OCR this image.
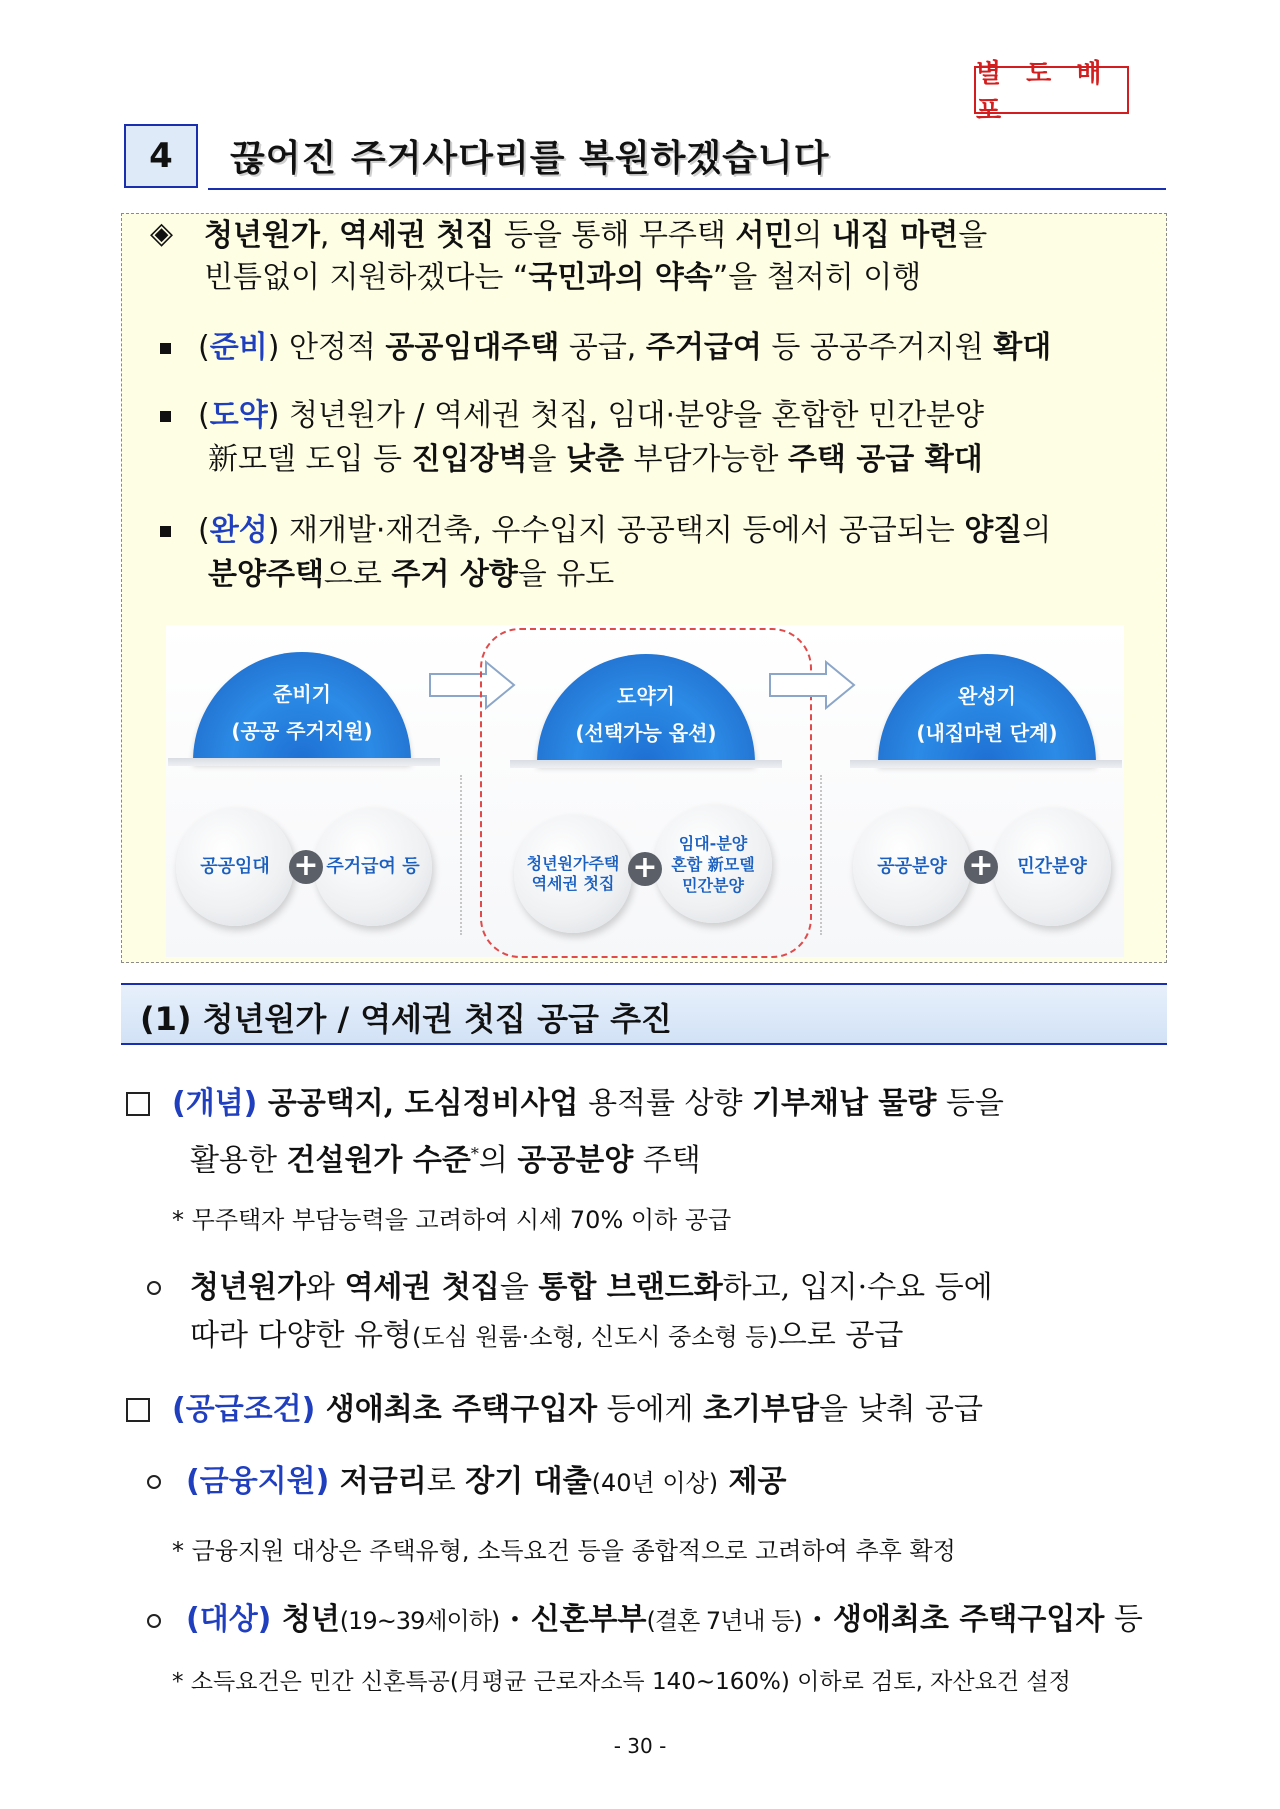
별 도 배 포
4	끊어진 주거사다리를 복원하겠습니다
◈ 청년원가, 역세권 첫집 등을 통해 무주택 서민의 내집 마련을
빈틈없이 지원하겠다는 “국민과의 약속”을 철저히 이행
(준비) 안정적 공공임대주택 공급, 주거급여 등 공공주거지원 확대
(도약) 청년원가 / 역세권 첫집, 임대·분양을 혼합한 민간분양
新모델 도입 등 진입장벽을 낮춘 부담가능한 주택 공급 확대
(완성) 재개발·재건축, 우수입지 공공택지 등에서 공급되는 양질의
분양주택으로 주거 상향을 유도
준비기
(공공 주거지원)
공공임대	주거급여 등
+
도약기
(선택가능 옵션)
청년원가주택
역세권 첫집
임대-분양
혼합 新모델
민간분양
+
완성기
(내집마련 단계)
공공분양	민간분양
+
(1) 청년원가 / 역세권 첫집 공급 추진
(개념) 공공택지, 도심정비사업 용적률 상향 기부채납 물량 등을
활용한 건설원가 수준*의 공공분양 주택
* 무주택자 부담능력을 고려하여 시세 70% 이하 공급
청년원가와 역세권 첫집을 통합 브랜드화하고, 입지·수요 등에
따라 다양한 유형(도심 원룸·소형, 신도시 중소형 등)으로 공급
(공급조건) 생애최초 주택구입자 등에게 초기부담을 낮춰 공급
(금융지원) 저금리로 장기 대출(40년 이상) 제공
* 금융지원 대상은 주택유형, 소득요건 등을 종합적으로 고려하여 추후 확정
(대상) 청년(19~39세이하) · 신혼부부(결혼 7년내 등) · 생애최초 주택구입자 등
* 소득요건은 민간 신혼특공(月평균 근로자소득 140~160%) 이하로 검토, 자산요건 설정
- 30 -
